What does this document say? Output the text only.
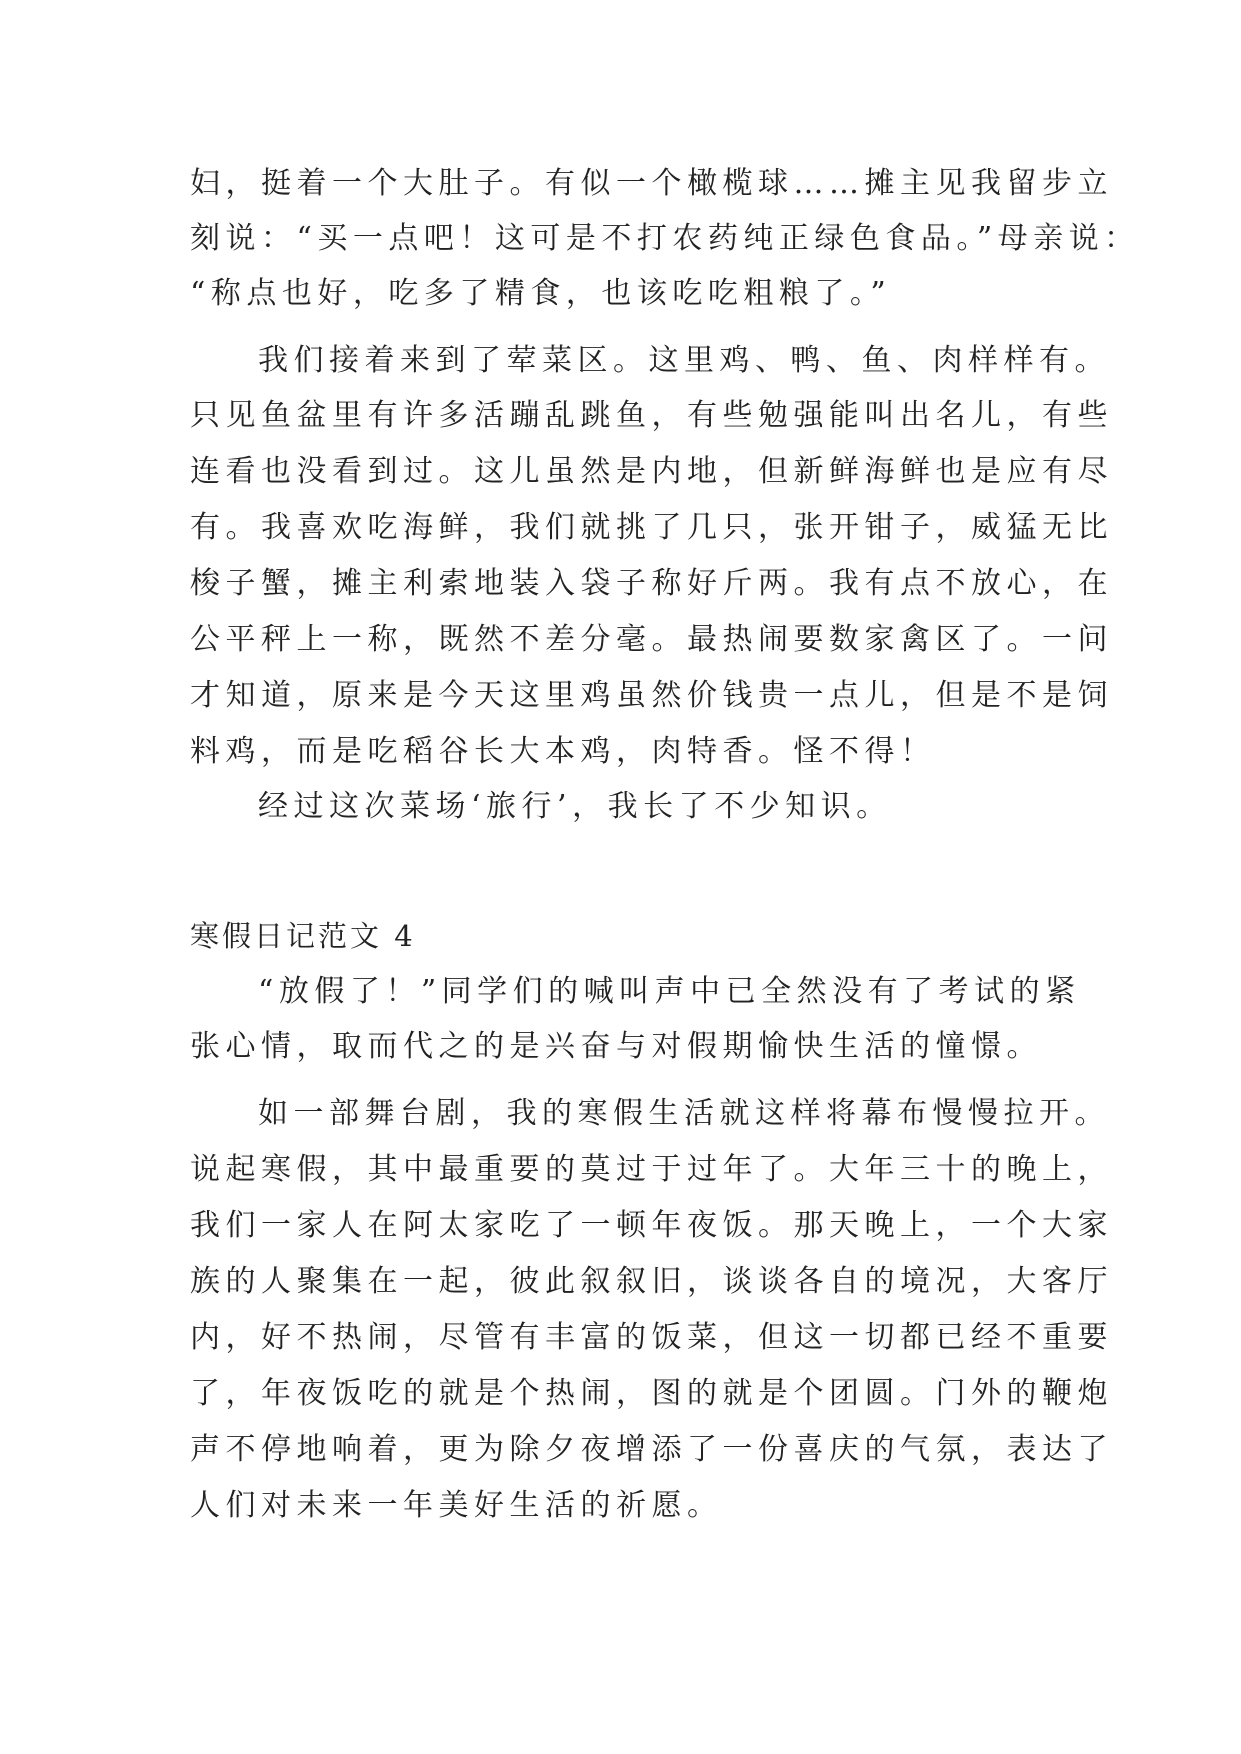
妇，挺着一个大肚子。有似一个橄榄球……摊主见我留步立

刻说：“买一点吧！这可是不打农药纯正绿色食品。”母亲说：

“称点也好，吃多了精食，也该吃吃粗粮了。”

我们接着来到了荤菜区。这里鸡、鸭、鱼、肉样样有。

只见鱼盆里有许多活蹦乱跳鱼，有些勉强能叫出名儿，有些

连看也没看到过。这儿虽然是内地，但新鲜海鲜也是应有尽

有。我喜欢吃海鲜，我们就挑了几只，张开钳子，威猛无比

梭子蟹，摊主利索地装入袋子称好斤两。我有点不放心，在

公平秤上一称，既然不差分毫。最热闹要数家禽区了。一问

才知道，原来是今天这里鸡虽然价钱贵一点儿，但是不是饲

料鸡，而是吃稻谷长大本鸡，肉特香。怪不得！

经过这次菜场‘旅行’，我长了不少知识。

寒假日记范文 4

“放假了！”同学们的喊叫声中已全然没有了考试的紧

张心情，取而代之的是兴奋与对假期愉快生活的憧憬。

如一部舞台剧，我的寒假生活就这样将幕布慢慢拉开。

说起寒假，其中最重要的莫过于过年了。大年三十的晚上，

我们一家人在阿太家吃了一顿年夜饭。那天晚上，一个大家

族的人聚集在一起，彼此叙叙旧，谈谈各自的境况，大客厅

内，好不热闹，尽管有丰富的饭菜，但这一切都已经不重要

了，年夜饭吃的就是个热闹，图的就是个团圆。门外的鞭炮

声不停地响着，更为除夕夜增添了一份喜庆的气氛，表达了

人们对未来一年美好生活的祈愿。
